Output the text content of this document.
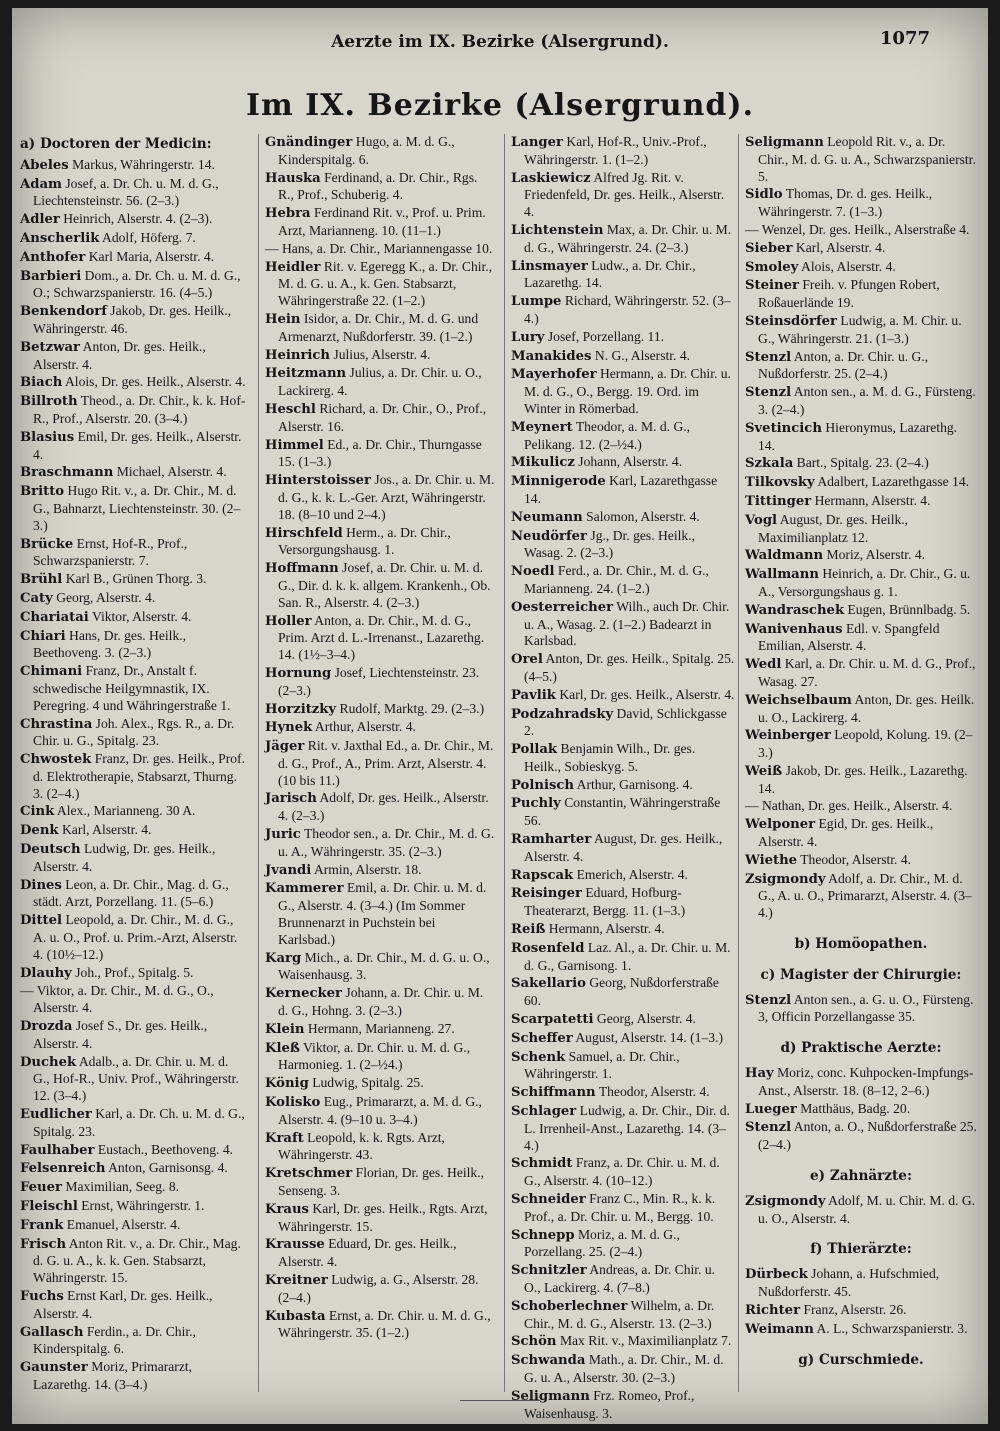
Aerzte im IX. Bezirke (Alsergrund).	1077
Im IX. Bezirke (Alsergrund).
a) Doctoren der Medicin:
Abeles Markus, Währingerstr. 14.
Adam Josef, a. Dr. Ch. u. M. d. G., Liechtensteinstr. 56. (2–3.)
Adler Heinrich, Alserstr. 4. (2–3).
Anscherlik Adolf, Höferg. 7.
Anthofer Karl Maria, Alserstr. 4.
Barbieri Dom., a. Dr. Ch. u. M. d. G., O.; Schwarzspanierstr. 16. (4–5.)
Benkendorf Jakob, Dr. ges. Heilk., Währingerstr. 46.
Betzwar Anton, Dr. ges. Heilk., Alserstr. 4.
Biach Alois, Dr. ges. Heilk., Alserstr. 4.
Billroth Theod., a. Dr. Chir., k. k. Hof-R., Prof., Alserstr. 20. (3–4.)
Blasius Emil, Dr. ges. Heilk., Alserstr. 4.
Braschmann Michael, Alserstr. 4.
Britto Hugo Rit. v., a. Dr. Chir., M. d. G., Bahnarzt, Liechtensteinstr. 30. (2–3.)
Brücke Ernst, Hof-R., Prof., Schwarzspanierstr. 7.
Brühl Karl B., Grünen Thorg. 3.
Caty Georg, Alserstr. 4.
Chariatai Viktor, Alserstr. 4.
Chiari Hans, Dr. ges. Heilk., Beethoveng. 3. (2–3.)
Chimani Franz, Dr., Anstalt f. schwedische Heilgymnastik, IX. Peregring. 4 und Währingerstraße 1.
Chrastina Joh. Alex., Rgs. R., a. Dr. Chir. u. G., Spitalg. 23.
Chwostek Franz, Dr. ges. Heilk., Prof. d. Elektrotherapie, Stabsarzt, Thurng. 3. (2–4.)
Cink Alex., Marianneng. 30 A.
Denk Karl, Alserstr. 4.
Deutsch Ludwig, Dr. ges. Heilk., Alserstr. 4.
Dines Leon, a. Dr. Chir., Mag. d. G., städt. Arzt, Porzellang. 11. (5–6.)
Dittel Leopold, a. Dr. Chir., M. d. G., A. u. O., Prof. u. Prim.-Arzt, Alserstr. 4. (10½–12.)
Dlauhy Joh., Prof., Spitalg. 5.
— Viktor, a. Dr. Chir., M. d. G., O., Alserstr. 4.
Drozda Josef S., Dr. ges. Heilk., Alserstr. 4.
Duchek Adalb., a. Dr. Chir. u. M. d. G., Hof-R., Univ. Prof., Währingerstr. 12. (3–4.)
Eudlicher Karl, a. Dr. Ch. u. M. d. G., Spitalg. 23.
Faulhaber Eustach., Beethoveng. 4.
Felsenreich Anton, Garnisonsg. 4.
Feuer Maximilian, Seeg. 8.
Fleischl Ernst, Währingerstr. 1.
Frank Emanuel, Alserstr. 4.
Frisch Anton Rit. v., a. Dr. Chir., Mag. d. G. u. A., k. k. Gen. Stabsarzt, Währingerstr. 15.
Fuchs Ernst Karl, Dr. ges. Heilk., Alserstr. 4.
Gallasch Ferdin., a. Dr. Chir., Kinderspitalg. 6.
Gaunster Moriz, Primararzt, Lazarethg. 14. (3–4.)
Gnändinger Hugo, a. M. d. G., Kinderspitalg. 6.
Hauska Ferdinand, a. Dr. Chir., Rgs. R., Prof., Schuberig. 4.
Hebra Ferdinand Rit. v., Prof. u. Prim. Arzt, Marianneng. 10. (11–1.)
— Hans, a. Dr. Chir., Mariannengasse 10.
Heidler Rit. v. Egeregg K., a. Dr. Chir., M. d. G. u. A., k. Gen. Stabsarzt, Währingerstraße 22. (1–2.)
Hein Isidor, a. Dr. Chir., M. d. G. und Armenarzt, Nußdorferstr. 39. (1–2.)
Heinrich Julius, Alserstr. 4.
Heitzmann Julius, a. Dr. Chir. u. O., Lackirerg. 4.
Heschl Richard, a. Dr. Chir., O., Prof., Alserstr. 16.
Himmel Ed., a. Dr. Chir., Thurngasse 15. (1–3.)
Hinterstoisser Jos., a. Dr. Chir. u. M. d. G., k. k. L.-Ger. Arzt, Währingerstr. 18. (8–10 und 2–4.)
Hirschfeld Herm., a. Dr. Chir., Versorgungshausg. 1.
Hoffmann Josef, a. Dr. Chir. u. M. d. G., Dir. d. k. k. allgem. Krankenh., Ob. San. R., Alserstr. 4. (2–3.)
Holler Anton, a. Dr. Chir., M. d. G., Prim. Arzt d. L.-Irrenanst., Lazarethg. 14. (1½–3–4.)
Hornung Josef, Liechtensteinstr. 23. (2–3.)
Horzitzky Rudolf, Marktg. 29. (2–3.)
Hynek Arthur, Alserstr. 4.
Jäger Rit. v. Jaxthal Ed., a. Dr. Chir., M. d. G., Prof., A., Prim. Arzt, Alserstr. 4. (10 bis 11.)
Jarisch Adolf, Dr. ges. Heilk., Alserstr. 4. (2–3.)
Juric Theodor sen., a. Dr. Chir., M. d. G. u. A., Währingerstr. 35. (2–3.)
Jvandi Armin, Alserstr. 18.
Kammerer Emil, a. Dr. Chir. u. M. d. G., Alserstr. 4. (3–4.) (Im Sommer Brunnenarzt in Puchstein bei Karlsbad.)
Karg Mich., a. Dr. Chir., M. d. G. u. O., Waisenhausg. 3.
Kernecker Johann, a. Dr. Chir. u. M. d. G., Hohng. 3. (2–3.)
Klein Hermann, Marianneng. 27.
Kleß Viktor, a. Dr. Chir. u. M. d. G., Harmonieg. 1. (2–½4.)
König Ludwig, Spitalg. 25.
Kolisko Eug., Primararzt, a. M. d. G., Alserstr. 4. (9–10 u. 3–4.)
Kraft Leopold, k. k. Rgts. Arzt, Währingerstr. 43.
Kretschmer Florian, Dr. ges. Heilk., Senseng. 3.
Kraus Karl, Dr. ges. Heilk., Rgts. Arzt, Währingerstr. 15.
Krausse Eduard, Dr. ges. Heilk., Alserstr. 4.
Kreitner Ludwig, a. G., Alserstr. 28. (2–4.)
Kubasta Ernst, a. Dr. Chir. u. M. d. G., Währingerstr. 35. (1–2.)
Langer Karl, Hof-R., Univ.-Prof., Währingerstr. 1. (1–2.)
Laskiewicz Alfred Jg. Rit. v. Friedenfeld, Dr. ges. Heilk., Alserstr. 4.
Lichtenstein Max, a. Dr. Chir. u. M. d. G., Währingerstr. 24. (2–3.)
Linsmayer Ludw., a. Dr. Chir., Lazarethg. 14.
Lumpe Richard, Währingerstr. 52. (3–4.)
Lury Josef, Porzellang. 11.
Manakides N. G., Alserstr. 4.
Mayerhofer Hermann, a. Dr. Chir. u. M. d. G., O., Bergg. 19. Ord. im Winter in Römerbad.
Meynert Theodor, a. M. d. G., Pelikang. 12. (2–½4.)
Mikulicz Johann, Alserstr. 4.
Minnigerode Karl, Lazarethgasse 14.
Neumann Salomon, Alserstr. 4.
Neudörfer Jg., Dr. ges. Heilk., Wasag. 2. (2–3.)
Noedl Ferd., a. Dr. Chir., M. d. G., Marianneng. 24. (1–2.)
Oesterreicher Wilh., auch Dr. Chir. u. A., Wasag. 2. (1–2.) Badearzt in Karlsbad.
Orel Anton, Dr. ges. Heilk., Spitalg. 25. (4–5.)
Pavlik Karl, Dr. ges. Heilk., Alserstr. 4.
Podzahradsky David, Schlickgasse 2.
Pollak Benjamin Wilh., Dr. ges. Heilk., Sobieskyg. 5.
Polnisch Arthur, Garnisong. 4.
Puchly Constantin, Währingerstraße 56.
Ramharter August, Dr. ges. Heilk., Alserstr. 4.
Rapscak Emerich, Alserstr. 4.
Reisinger Eduard, Hofburg-Theaterarzt, Bergg. 11. (1–3.)
Reiß Hermann, Alserstr. 4.
Rosenfeld Laz. Al., a. Dr. Chir. u. M. d. G., Garnisong. 1.
Sakellario Georg, Nußdorferstraße 60.
Scarpatetti Georg, Alserstr. 4.
Scheffer August, Alserstr. 14. (1–3.)
Schenk Samuel, a. Dr. Chir., Währingerstr. 1.
Schiffmann Theodor, Alserstr. 4.
Schlager Ludwig, a. Dr. Chir., Dir. d. L. Irrenheil-Anst., Lazarethg. 14. (3–4.)
Schmidt Franz, a. Dr. Chir. u. M. d. G., Alserstr. 4. (10–12.)
Schneider Franz C., Min. R., k. k. Prof., a. Dr. Chir. u. M., Bergg. 10.
Schnepp Moriz, a. M. d. G., Porzellang. 25. (2–4.)
Schnitzler Andreas, a. Dr. Chir. u. O., Lackirerg. 4. (7–8.)
Schoberlechner Wilhelm, a. Dr. Chir., M. d. G., Alserstr. 13. (2–3.)
Schön Max Rit. v., Maximilianplatz 7.
Schwanda Math., a. Dr. Chir., M. d. G. u. A., Alserstr. 30. (2–3.)
Seligmann Frz. Romeo, Prof., Waisenhausg. 3.
Seligmann Leopold Rit. v., a. Dr. Chir., M. d. G. u. A., Schwarzspanierstr. 5.
Sidlo Thomas, Dr. d. ges. Heilk., Währingerstr. 7. (1–3.)
— Wenzel, Dr. ges. Heilk., Alserstraße 4.
Sieber Karl, Alserstr. 4.
Smoley Alois, Alserstr. 4.
Steiner Freih. v. Pfungen Robert, Roßauerlände 19.
Steinsdörfer Ludwig, a. M. Chir. u. G., Währingerstr. 21. (1–3.)
Stenzl Anton, a. Dr. Chir. u. G., Nußdorferstr. 25. (2–4.)
Stenzl Anton sen., a. M. d. G., Fürsteng. 3. (2–4.)
Svetincich Hieronymus, Lazarethg. 14.
Szkala Bart., Spitalg. 23. (2–4.)
Tilkovsky Adalbert, Lazarethgasse 14.
Tittinger Hermann, Alserstr. 4.
Vogl August, Dr. ges. Heilk., Maximilianplatz 12.
Waldmann Moriz, Alserstr. 4.
Wallmann Heinrich, a. Dr. Chir., G. u. A., Versorgungshaus g. 1.
Wandraschek Eugen, Brünnlbadg. 5.
Wanivenhaus Edl. v. Spangfeld Emilian, Alserstr. 4.
Wedl Karl, a. Dr. Chir. u. M. d. G., Prof., Wasag. 27.
Weichselbaum Anton, Dr. ges. Heilk. u. O., Lackirerg. 4.
Weinberger Leopold, Kolung. 19. (2–3.)
Weiß Jakob, Dr. ges. Heilk., Lazarethg. 14.
— Nathan, Dr. ges. Heilk., Alserstr. 4.
Welponer Egid, Dr. ges. Heilk., Alserstr. 4.
Wiethe Theodor, Alserstr. 4.
Zsigmondy Adolf, a. Dr. Chir., M. d. G., A. u. O., Primararzt, Alserstr. 4. (3–4.)
b) Homöopathen.
c) Magister der Chirurgie:
Stenzl Anton sen., a. G. u. O., Fürsteng. 3, Officin Porzellangasse 35.
d) Praktische Aerzte:
Hay Moriz, conc. Kuhpocken-Impfungs-Anst., Alserstr. 18. (8–12, 2–6.)
Lueger Matthäus, Badg. 20.
Stenzl Anton, a. O., Nußdorferstraße 25. (2–4.)
e) Zahnärzte:
Zsigmondy Adolf, M. u. Chir. M. d. G. u. O., Alserstr. 4.
f) Thierärzte:
Dürbeck Johann, a. Hufschmied, Nußdorferstr. 45.
Richter Franz, Alserstr. 26.
Weimann A. L., Schwarzspanierstr. 3.
g) Curschmiede.
